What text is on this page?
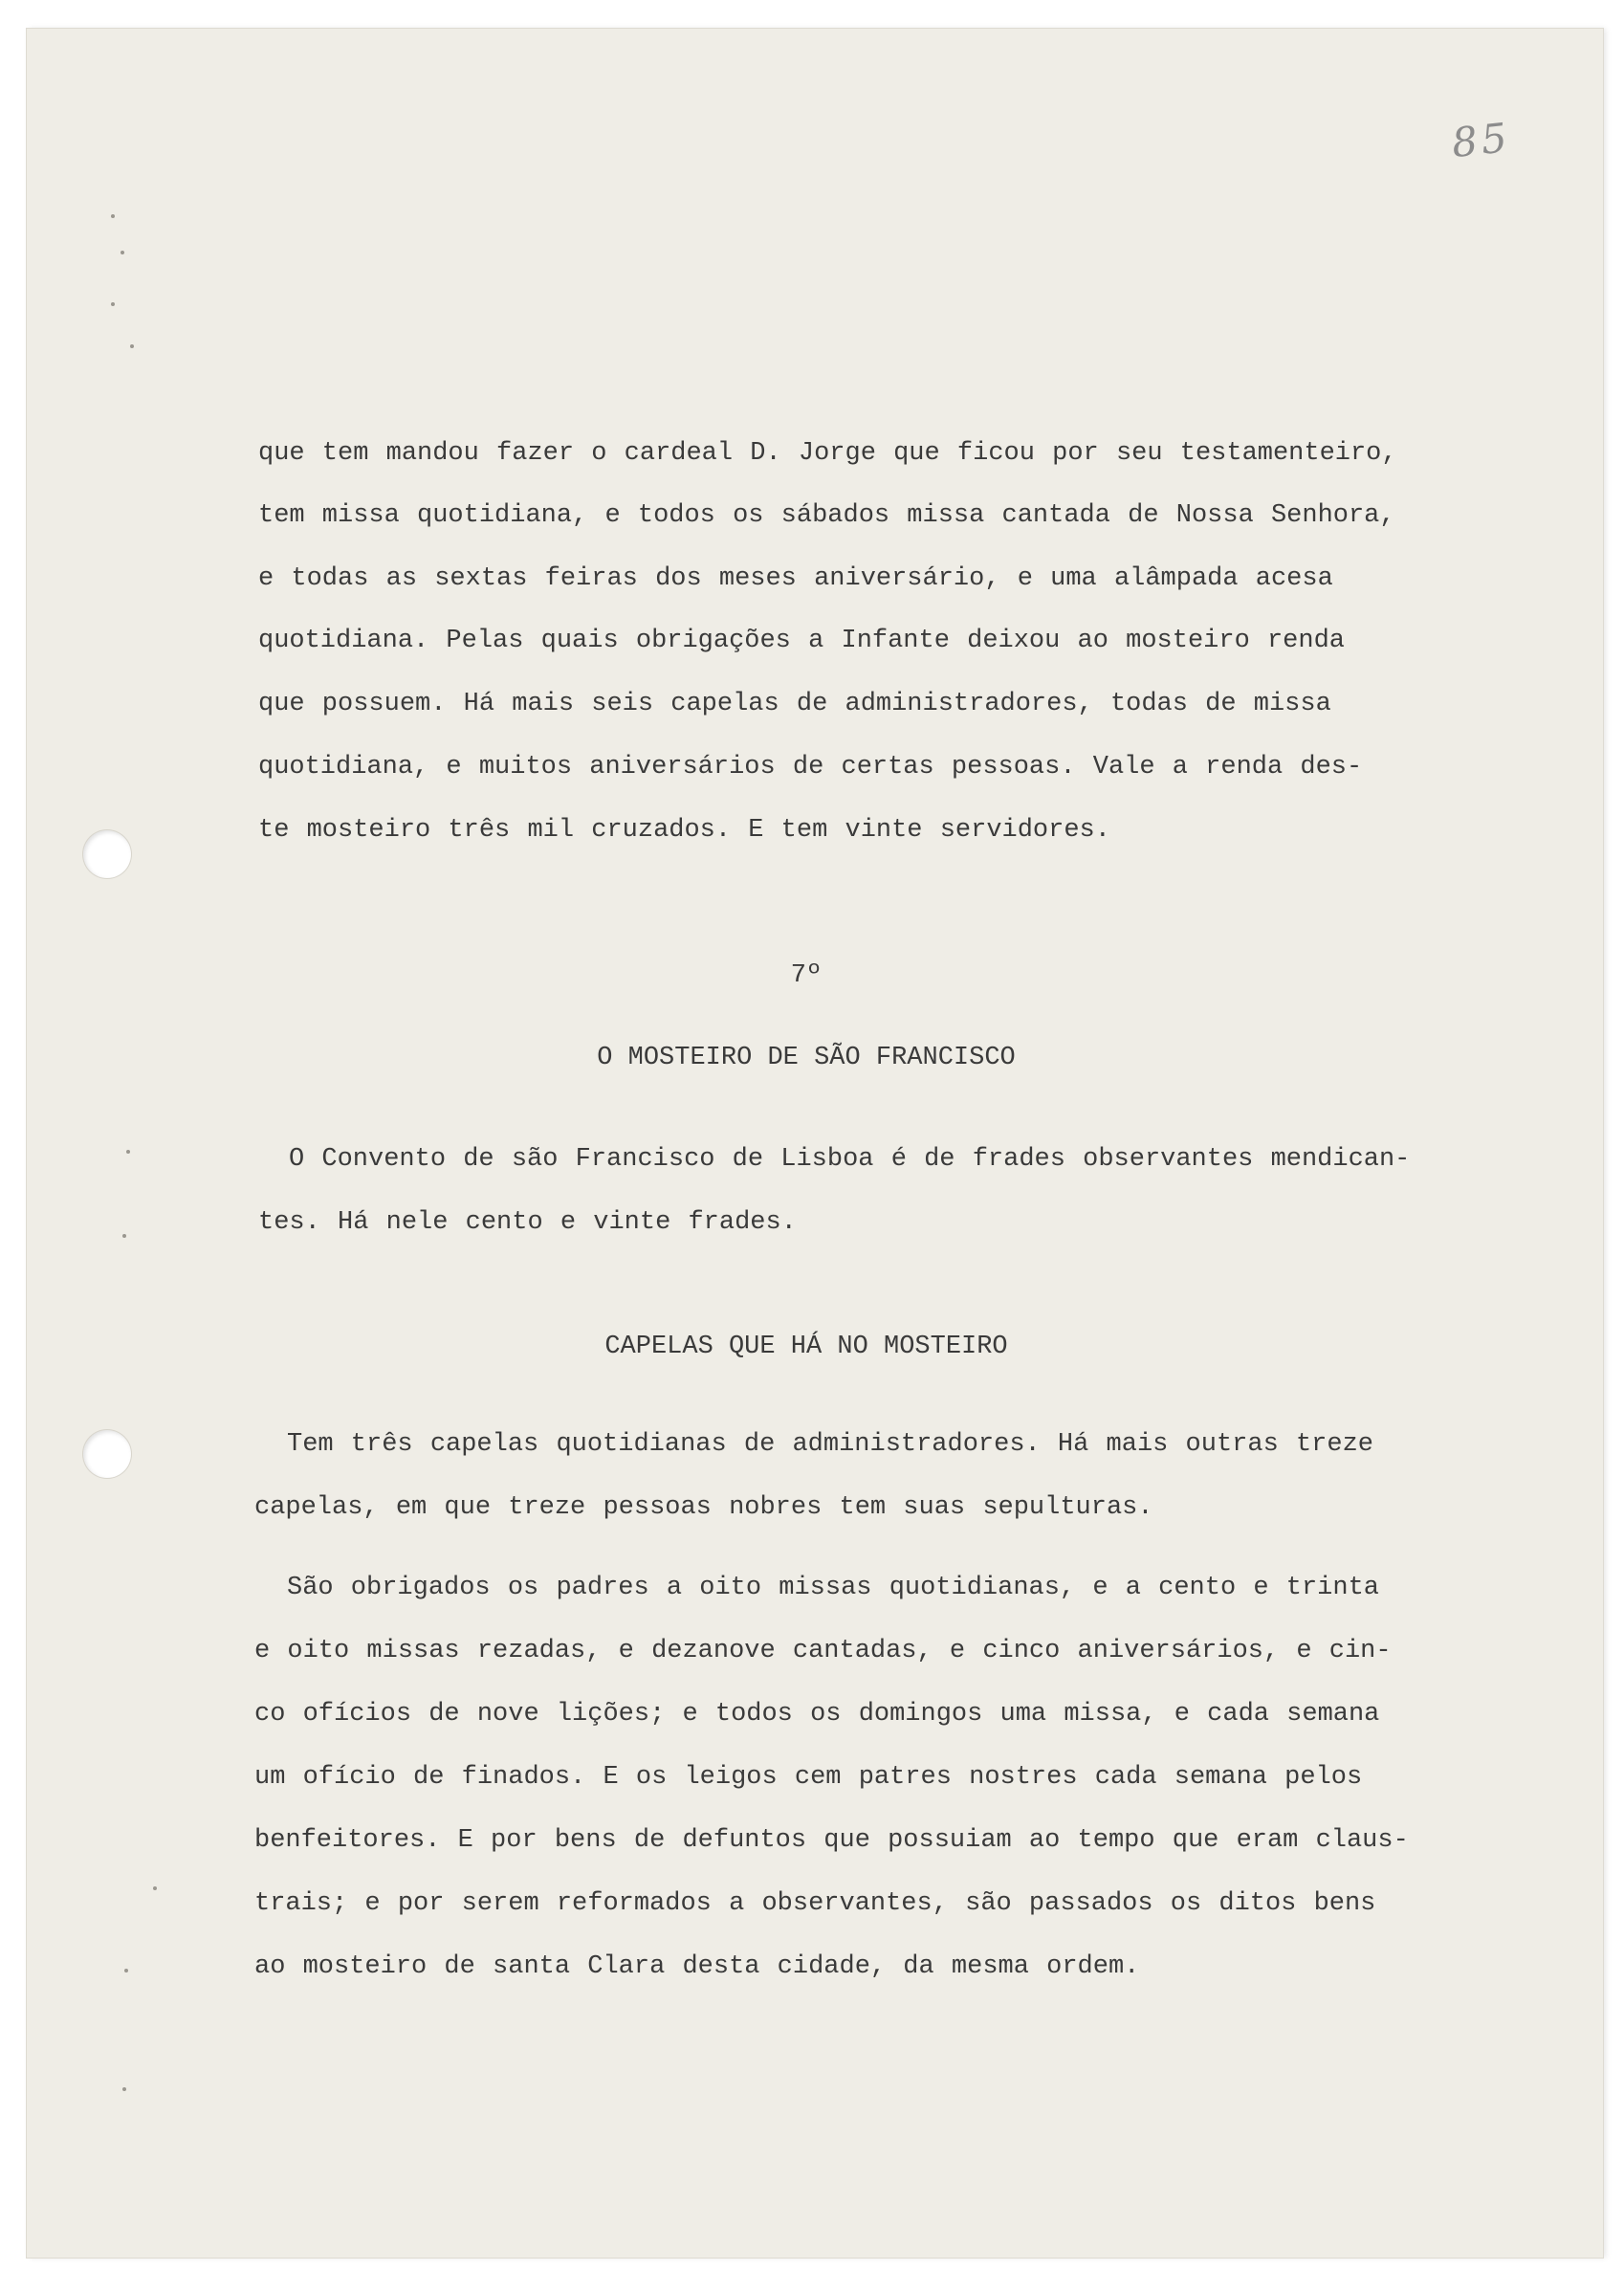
85

que tem mandou fazer o cardeal D. Jorge que ficou por seu testamenteiro,

tem missa quotidiana, e todos os sábados missa cantada de Nossa Senhora,

e todas as sextas feiras dos meses aniversário, e uma alâmpada acesa

quotidiana. Pelas quais obrigações a Infante deixou ao mosteiro renda

que possuem. Há mais seis capelas de administradores, todas de missa

quotidiana, e muitos aniversários de certas pessoas. Vale a renda des-

te mosteiro três mil cruzados. E tem vinte servidores.

7º

O MOSTEIRO DE SÃO FRANCISCO

O Convento de são Francisco de Lisboa é de frades observantes mendican-

tes. Há nele cento e vinte frades.

CAPELAS QUE HÁ NO MOSTEIRO

Tem três capelas quotidianas de administradores. Há mais outras treze

capelas, em que treze pessoas nobres tem suas sepulturas.

São obrigados os padres a oito missas quotidianas, e a cento e trinta

e oito missas rezadas, e dezanove cantadas, e cinco aniversários, e cin-

co ofícios de nove lições; e todos os domingos uma missa, e cada semana

um ofício de finados. E os leigos cem patres nostres cada semana pelos

benfeitores. E por bens de defuntos que possuiam ao tempo que eram claus-

trais; e por serem reformados a observantes, são passados os ditos bens

ao mosteiro de santa Clara desta cidade, da mesma ordem.
